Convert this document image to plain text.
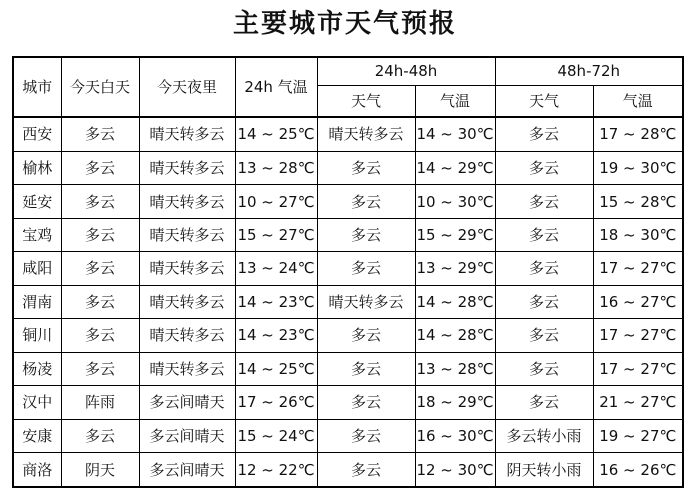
主要城市天气预报
城市	今天白天	今天夜里	24h 气温	24h-48h		48h-72h	
				天气	气温	天气	气温
西安	多云	晴天转多云	14 ~ 25℃	晴天转多云	14 ~ 30℃	多云	17 ~ 28℃
榆林	多云	晴天转多云	13 ~ 28℃	多云	14 ~ 29℃	多云	19 ~ 30℃
延安	多云	晴天转多云	10 ~ 27℃	多云	10 ~ 30℃	多云	15 ~ 28℃
宝鸡	多云	晴天转多云	15 ~ 27℃	多云	15 ~ 29℃	多云	18 ~ 30℃
咸阳	多云	晴天转多云	13 ~ 24℃	多云	13 ~ 29℃	多云	17 ~ 27℃
渭南	多云	晴天转多云	14 ~ 23℃	晴天转多云	14 ~ 28℃	多云	16 ~ 27℃
铜川	多云	晴天转多云	14 ~ 23℃	多云	14 ~ 28℃	多云	17 ~ 27℃
杨凌	多云	晴天转多云	14 ~ 25℃	多云	13 ~ 28℃	多云	17 ~ 27℃
汉中	阵雨	多云间晴天	17 ~ 26℃	多云	18 ~ 29℃	多云	21 ~ 27℃
安康	多云	多云间晴天	15 ~ 24℃	多云	16 ~ 30℃	多云转小雨	19 ~ 27℃
商洛	阴天	多云间晴天	12 ~ 22℃	多云	12 ~ 30℃	阴天转小雨	16 ~ 26℃
